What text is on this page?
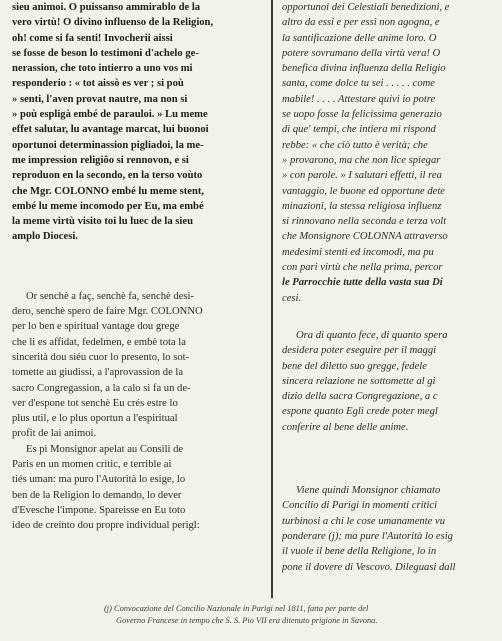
sieu animoi. O puissanso ammirablo de la

vero virtù! O divino influenso de la Religion,

oh! come si fa senti! Invocherii aissi

se fosse de beson lo testimoni d'achelo ge-

nerassion, che toto intierro a uno vos mi

responderio : « tot aissò es ver ; si poù

» senti, l'aven provat nautre, ma non si

» poù espligà embé de parauloi. » Lu meme

effet salutar, lu avantage marcat, lui buonoi

oportunoi determinassion pigliadoi, la me-

me impression religiôo si rennovon, e si

reproduon en la secondo, en la terso voùto

che Mgr. COLONNO embé lu meme stent,

embé lu meme incomodo per Eu, ma embé

la meme virtù visito toi lu luec de la sieu

amplo Diocesi.

Or senchè a faç, senchè fa, senchè desi-

dero, senchè spero de faire Mgr. COLONNO

per lo ben e spiritual vantage dou grege

che li es affidat, fedelmen, e embè tota la

sincerità dou siéu cuor lo presento, lo sot-

tomette au giudissi, a l'aprovassion de la

sacro Congregassion, a la calo si fa un de-

ver d'espone tot senchè Eu crés estre lo

plus util, e lo plus oportun a l'espiritual

profit de lai animoi.

Es pi Monsignor apelat au Consili de

Paris en un momen critic, e terrible ai

tiés uman: ma puro l'Autorità lo esige, lo

ben de la Religion lo demando, lo dever

d'Evesche l'impone. Spareisse en Eu toto

ideo de creinto dou propre individual perigl:

opportunoi dei Celestiali benedizioni, e

altro da essi e per essi non agogna, e

la santificazione delle anime loro. O

potere sovrumano della virtù vera! O

benefica divina influenza della Religio

santa, come dolce tu sei . . . . . come

mabile! . . . . Attestare quivi io potre

se uopo fosse la felicissima generazio

di que' tempi, che intiera mi rispond

rebbe: « che ciò tutto è verità; che

» provarono, ma che non lice spiegar

» con parole. » I salutari effetti, il rea

vantaggio, le buone ed opportune dete

minazioni, la stessa religiosa influenz

si rinnovano nella seconda e terza volt

che Monsignore COLONNA attraverso

medesimi stenti ed incomodi, ma pu

con pari virtù che nella prima, percor

le Parrocchie tutte della vasta sua Di

cesi.

Ora di quanto fece, di quanto spera

desidera poter eseguire per il maggi

bene del diletto suo gregge, fedele

sincera relazione ne sottomette al gi

dizio della sacra Congregazione, a c

espone quanto Egli crede poter megl

conferire al bene delle anime.

Viene quindi Monsignor chiamato

Concilio di Parigi in momenti critici

turbinosi a chi le cose umanamente vu

ponderare (j); ma pure l'Autorità lo esig

il vuole il bene della Religione, lo in

pone il dovere di Vescovo. Dileguasi dall

(j) Convocazione del Concilio Nazionale in Parigi nel 1811, fatta per parte del

Governo Francese in tempo che S. S. Pio VII era ditenuto prigione in Savona.
